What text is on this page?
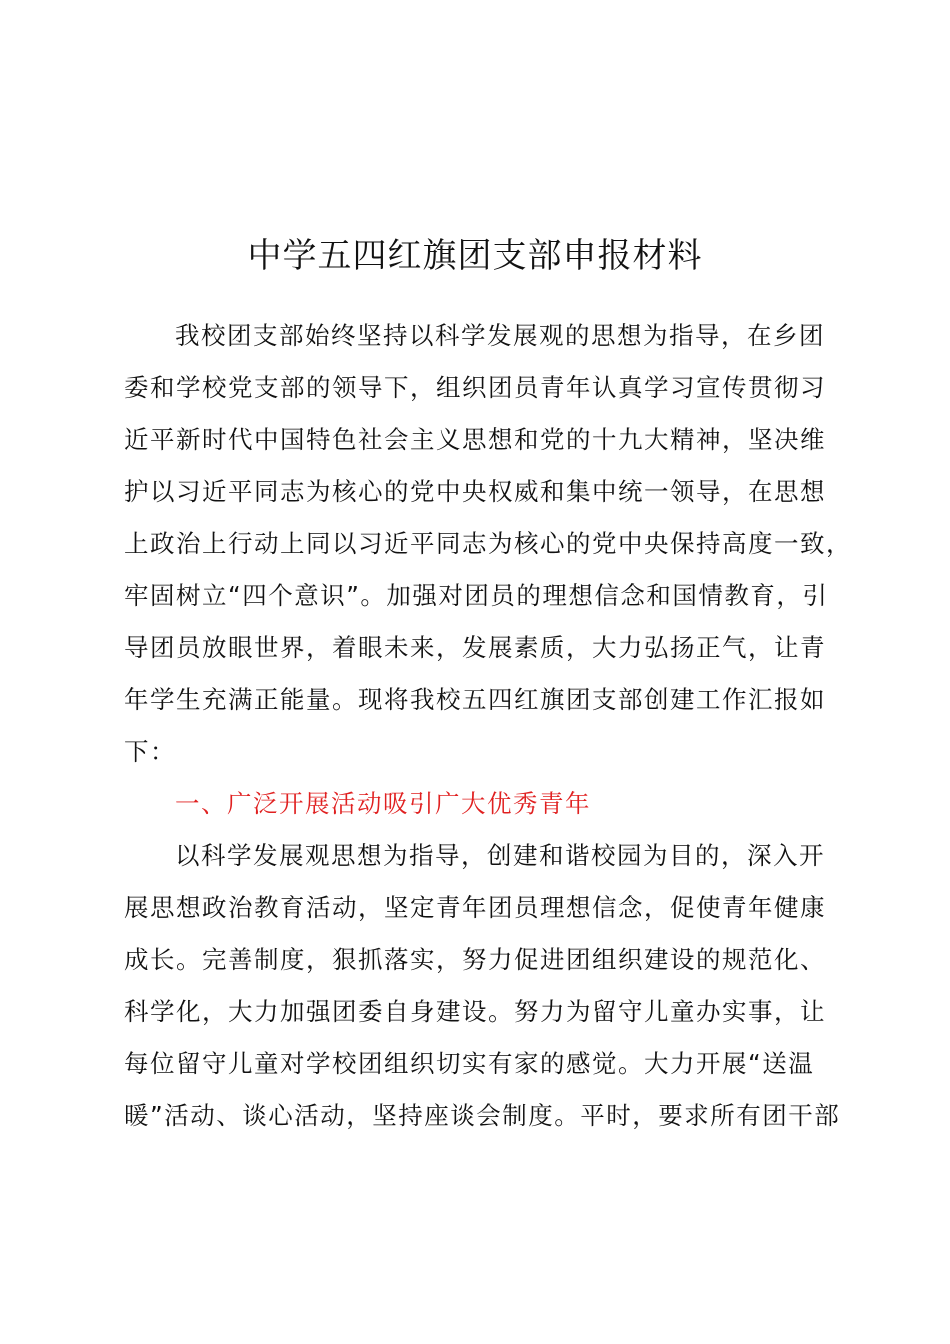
中学五四红旗团支部申报材料
我校团支部始终坚持以科学发展观的思想为指导，在乡团
委和学校党支部的领导下，组织团员青年认真学习宣传贯彻习
近平新时代中国特色社会主义思想和党的十九大精神，坚决维
护以习近平同志为核心的党中央权威和集中统一领导，在思想
上政治上行动上同以习近平同志为核心的党中央保持高度一致，
牢固树立“四个意识”。加强对团员的理想信念和国情教育，引
导团员放眼世界，着眼未来，发展素质，大力弘扬正气，让青
年学生充满正能量。现将我校五四红旗团支部创建工作汇报如
下：
一、广泛开展活动吸引广大优秀青年
以科学发展观思想为指导，创建和谐校园为目的，深入开
展思想政治教育活动，坚定青年团员理想信念，促使青年健康
成长。完善制度，狠抓落实，努力促进团组织建设的规范化、
科学化，大力加强团委自身建设。努力为留守儿童办实事，让
每位留守儿童对学校团组织切实有家的感觉。大力开展“送温
暖”活动、谈心活动，坚持座谈会制度。平时，要求所有团干部
